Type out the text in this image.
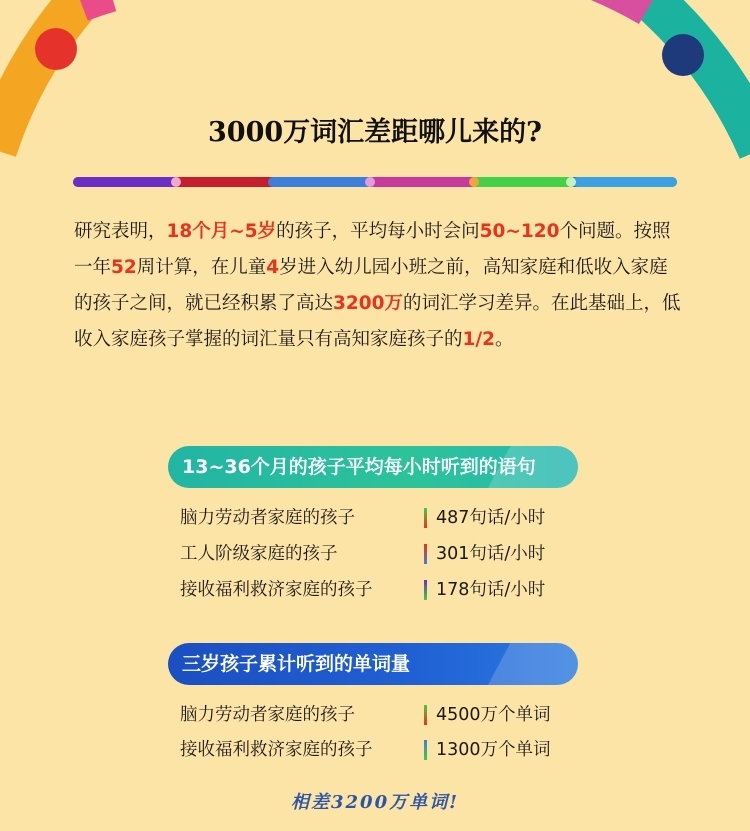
3000万词汇差距哪儿来的?
研究表明，18个月~5岁的孩子，平均每小时会问50~120个问题。按照一年52周计算，在儿童4岁进入幼儿园小班之前，高知家庭和低收入家庭的孩子之间，就已经积累了高达3200万的词汇学习差异。在此基础上，低收入家庭孩子掌握的词汇量只有高知家庭孩子的1/2。
13~36个月的孩子平均每小时听到的语句
脑力劳动者家庭的孩子	487句话/小时
工人阶级家庭的孩子	301句话/小时
接收福利救济家庭的孩子	178句话/小时
三岁孩子累计听到的单词量
脑力劳动者家庭的孩子	4500万个单词
接收福利救济家庭的孩子	1300万个单词
相差3200万单词!
